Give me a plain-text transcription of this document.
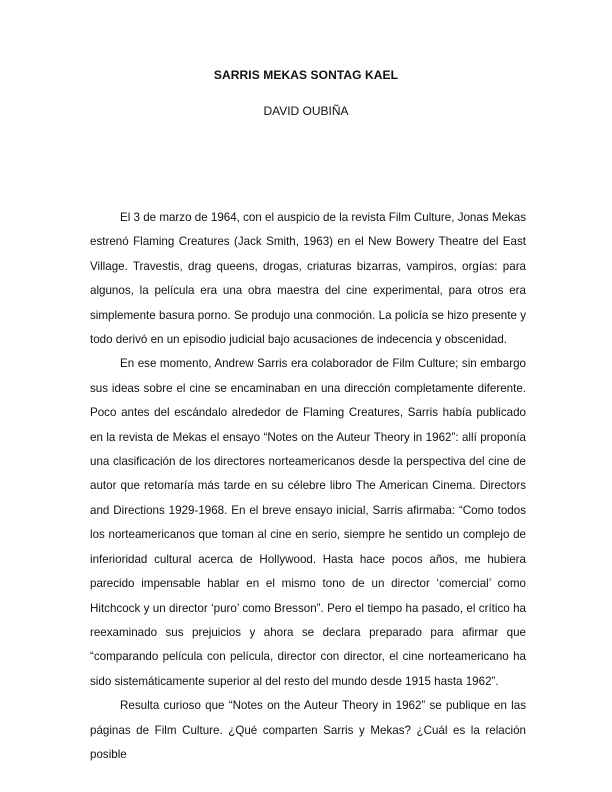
SARRIS MEKAS SONTAG KAEL
DAVID OUBIÑA

El 3 de marzo de 1964, con el auspicio de la revista Film Culture, Jonas Mekas estrenó Flaming Creatures (Jack Smith, 1963) en el New Bowery Theatre del East Village. Travestis, drag queens, drogas, criaturas bizarras, vampiros, orgías: para algunos, la película era una obra maestra del cine experimental, para otros era simplemente basura porno. Se produjo una conmoción. La policía se hizo presente y todo derivó en un episodio judicial bajo acusaciones de indecencia y obscenidad.

En ese momento, Andrew Sarris era colaborador de Film Culture; sin embargo sus ideas sobre el cine se encaminaban en una dirección completamente diferente. Poco antes del escándalo alrededor de Flaming Creatures, Sarris había publicado en la revista de Mekas el ensayo “Notes on the Auteur Theory in 1962”: allí proponía una clasificación de los directores norteamericanos desde la perspectiva del cine de autor que retomaría más tarde en su célebre libro The American Cinema. Directors and Directions 1929-1968. En el breve ensayo inicial, Sarris afirmaba: “Como todos los norteamericanos que toman al cine en serio, siempre he sentido un complejo de inferioridad cultural acerca de Hollywood. Hasta hace pocos años, me hubiera parecido impensable hablar en el mismo tono de un director ‘comercial’ como Hitchcock y un director ‘puro’ como Bresson”. Pero el tiempo ha pasado, el crítico ha reexaminado sus prejuicios y ahora se declara preparado para afirmar que “comparando película con película, director con director, el cine norteamericano ha sido sistemáticamente superior al del resto del mundo desde 1915 hasta 1962”.

Resulta curioso que “Notes on the Auteur Theory in 1962” se publique en las páginas de Film Culture. ¿Qué comparten Sarris y Mekas? ¿Cuál es la relación posible
